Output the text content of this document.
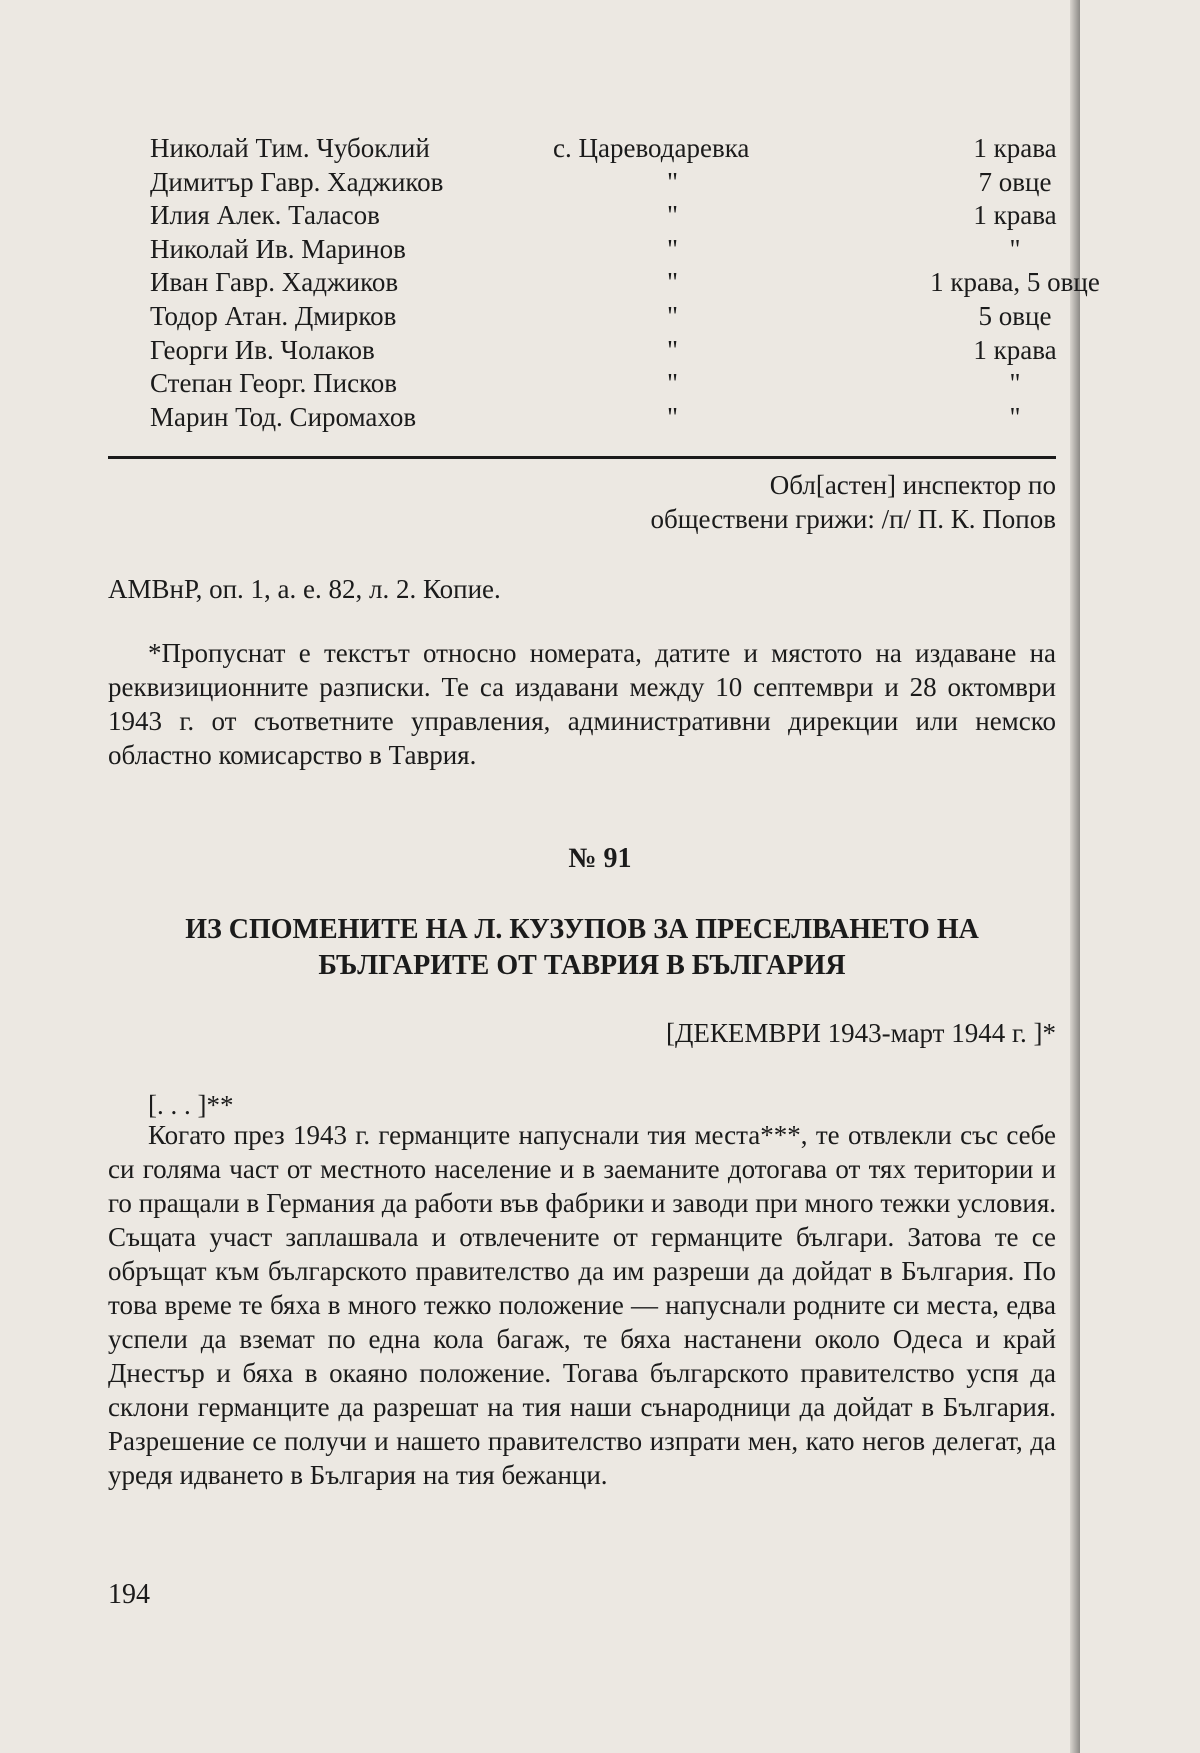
Николай Тим. Чубоклий	с. Цареводаревка	1 крава
Димитър Гавр. Хаджиков	"	7 овце
Илия Алек. Таласов	"	1 крава
Николай Ив. Маринов	"	"
Иван Гавр. Хаджиков	"	1 крава, 5 овце
Тодор Атан. Дмирков	"	5 овце
Георги Ив. Чолаков	"	1 крава
Степан Георг. Писков	"	"
Марин Тод. Сиромахов	"	"
Обл[астен] инспектор по
обществени грижи: /п/ П. К. Попов
АМВнР, оп. 1, а. е. 82, л. 2. Копие.
*Пропуснат е текстът относно номерата, датите и мястото на издаване на реквизиционните разписки. Те са издавани между 10 септември и 28 октомври 1943 г. от съответните управления, административни дирекции или немско областно комисарство в Таврия.
№ 91
ИЗ СПОМЕНИТЕ НА Л. КУЗУПОВ ЗА ПРЕСЕЛВАНЕТО НА
БЪЛГАРИТЕ ОТ ТАВРИЯ В БЪЛГАРИЯ
[ДЕКЕМВРИ 1943-март 1944 г. ]*
[. . . ]**
Когато през 1943 г. германците напуснали тия места***, те отвлекли със себе си голяма част от местното население и в заеманите дотогава от тях територии и го пращали в Германия да работи във фабрики и заводи при много тежки условия. Същата участ заплашвала и отвлечените от германците българи. Затова те се обръщат към българското правителство да им разреши да дойдат в България. По това време те бяха в много тежко положение — напуснали родните си места, едва успели да вземат по една кола багаж, те бяха настанени около Одеса и край Днестър и бяха в окаяно положение. Тогава българското правителство успя да склони германците да разрешат на тия наши сънародници да дойдат в България. Разрешение се получи и нашето правителство изпрати мен, като негов делегат, да уредя идването в България на тия бежанци.
194
